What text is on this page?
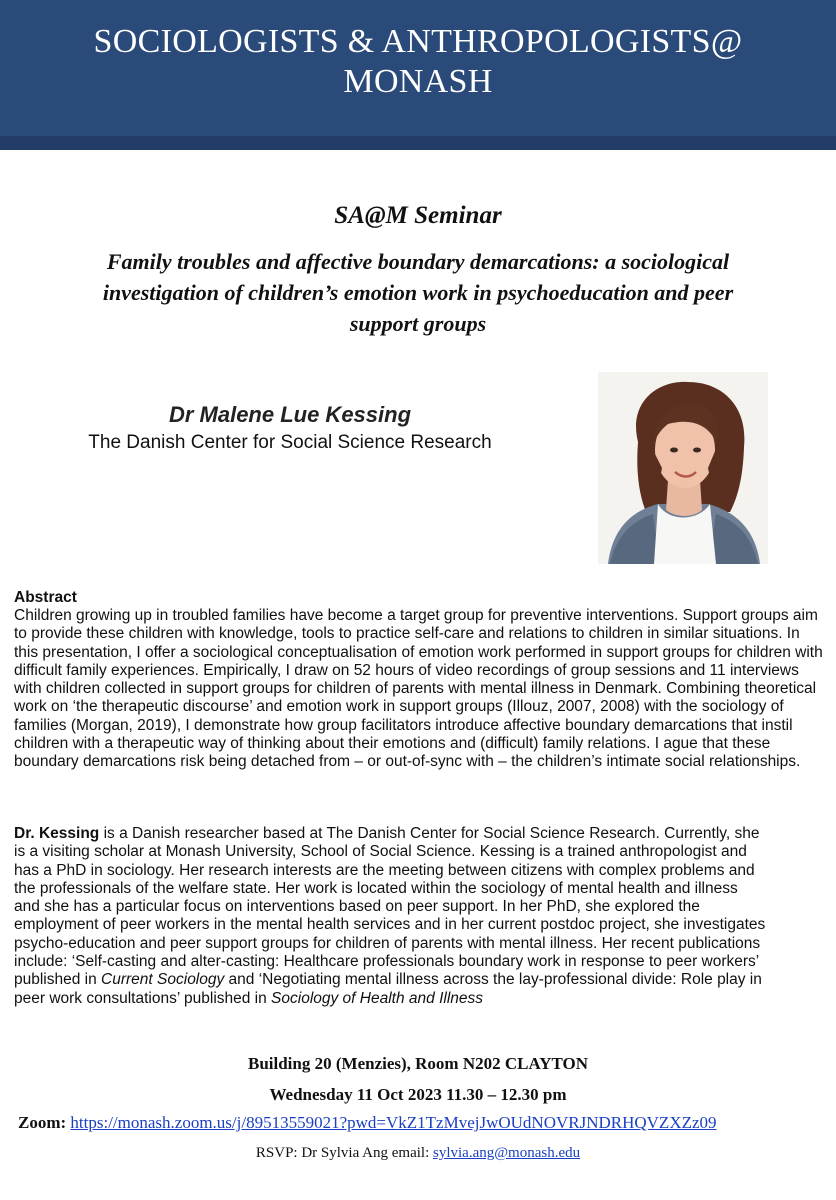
SOCIOLOGISTS & ANTHROPOLOGISTS@
MONASH
SA@M Seminar
Family troubles and affective boundary demarcations: a sociological
investigation of children’s emotion work in psychoeducation and peer
support groups
Dr Malene Lue Kessing
The Danish Center for Social Science Research
Abstract
Children growing up in troubled families have become a target group for preventive interventions. Support groups aim to provide these children with knowledge, tools to practice self-care and relations to children in similar situations. In this presentation, I offer a sociological conceptualisation of emotion work performed in support groups for children with difficult family experiences. Empirically, I draw on 52 hours of video recordings of group sessions and 11 interviews with children collected in support groups for children of parents with mental illness in Denmark. Combining theoretical work on ‘the therapeutic discourse’ and emotion work in support groups (Illouz, 2007, 2008) with the sociology of families (Morgan, 2019), I demonstrate how group facilitators introduce affective boundary demarcations that instil children with a therapeutic way of thinking about their emotions and (difficult) family relations. I ague that these boundary demarcations risk being detached from – or out-of-sync with – the children’s intimate social relationships.
Dr. Kessing is a Danish researcher based at The Danish Center for Social Science Research. Currently, she
is a visiting scholar at Monash University, School of Social Science. Kessing is a trained anthropologist and
has a PhD in sociology. Her research interests are the meeting between citizens with complex problems and
the professionals of the welfare state. Her work is located within the sociology of mental health and illness
and she has a particular focus on interventions based on peer support. In her PhD, she explored the
employment of peer workers in the mental health services and in her current postdoc project, she investigates
psycho-education and peer support groups for children of parents with mental illness. Her recent publications
include: ‘Self-casting and alter-casting: Healthcare professionals boundary work in response to peer workers’
published in Current Sociology and ‘Negotiating mental illness across the lay-professional divide: Role play in
peer work consultations’ published in Sociology of Health and Illness
Building 20 (Menzies), Room N202 CLAYTON
Wednesday 11 Oct 2023 11.30 – 12.30 pm
Zoom: https://monash.zoom.us/j/89513559021?pwd=VkZ1TzMvejJwOUdNOVRJNDRHQVZXZz09
RSVP: Dr Sylvia Ang email: sylvia.ang@monash.edu
